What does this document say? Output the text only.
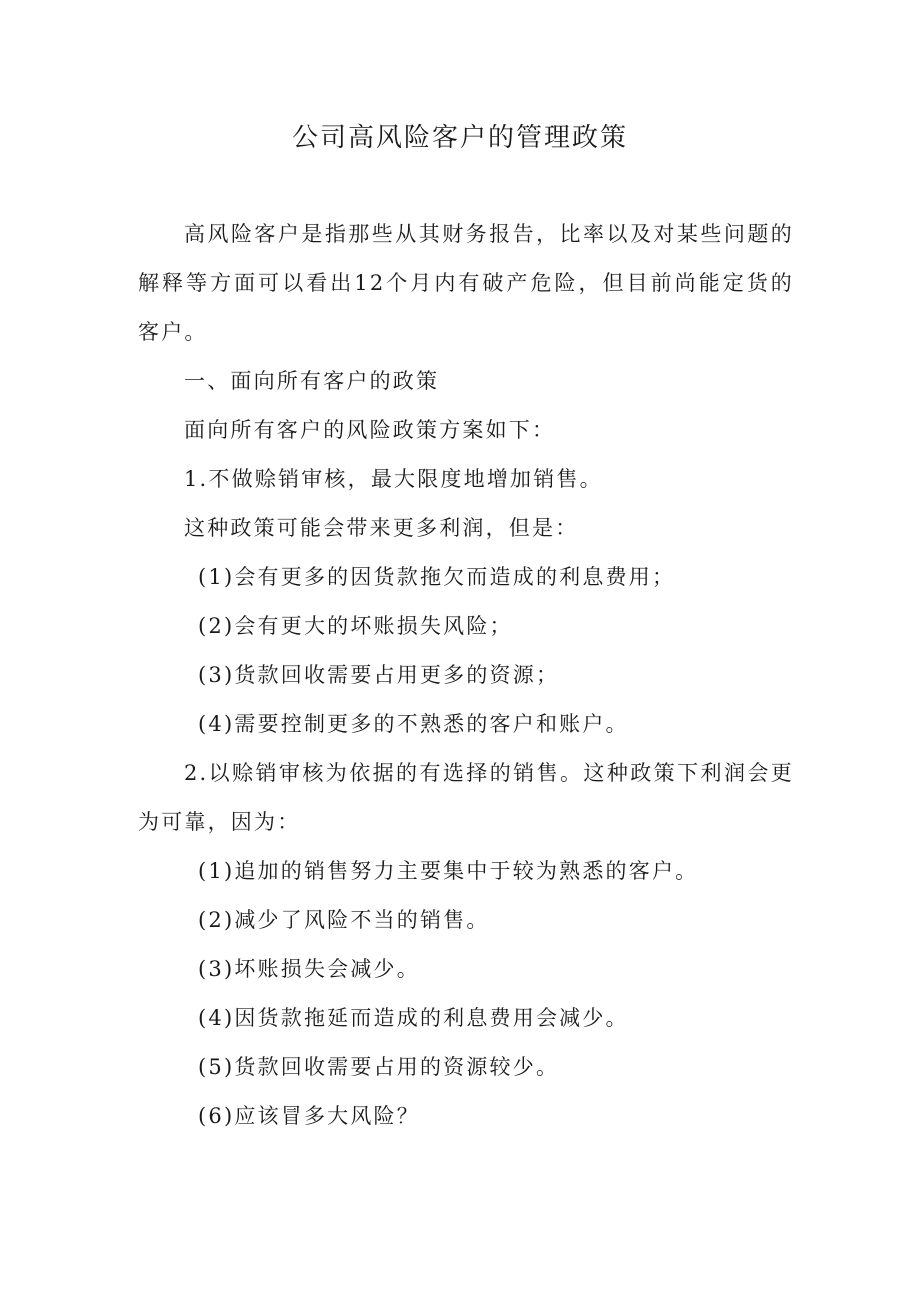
公司高风险客户的管理政策

高风险客户是指那些从其财务报告，比率以及对某些问题的解释等方面可以看出12个月内有破产危险，但目前尚能定货的客户。

一、面向所有客户的政策

面向所有客户的风险政策方案如下：

1.不做赊销审核，最大限度地增加销售。

这种政策可能会带来更多利润，但是：

(1)会有更多的因货款拖欠而造成的利息费用；

(2)会有更大的坏账损失风险；

(3)货款回收需要占用更多的资源；

(4)需要控制更多的不熟悉的客户和账户。

2.以赊销审核为依据的有选择的销售。这种政策下利润会更为可靠，因为：

(1)追加的销售努力主要集中于较为熟悉的客户。

(2)减少了风险不当的销售。

(3)坏账损失会减少。

(4)因货款拖延而造成的利息费用会减少。

(5)货款回收需要占用的资源较少。

(6)应该冒多大风险？
